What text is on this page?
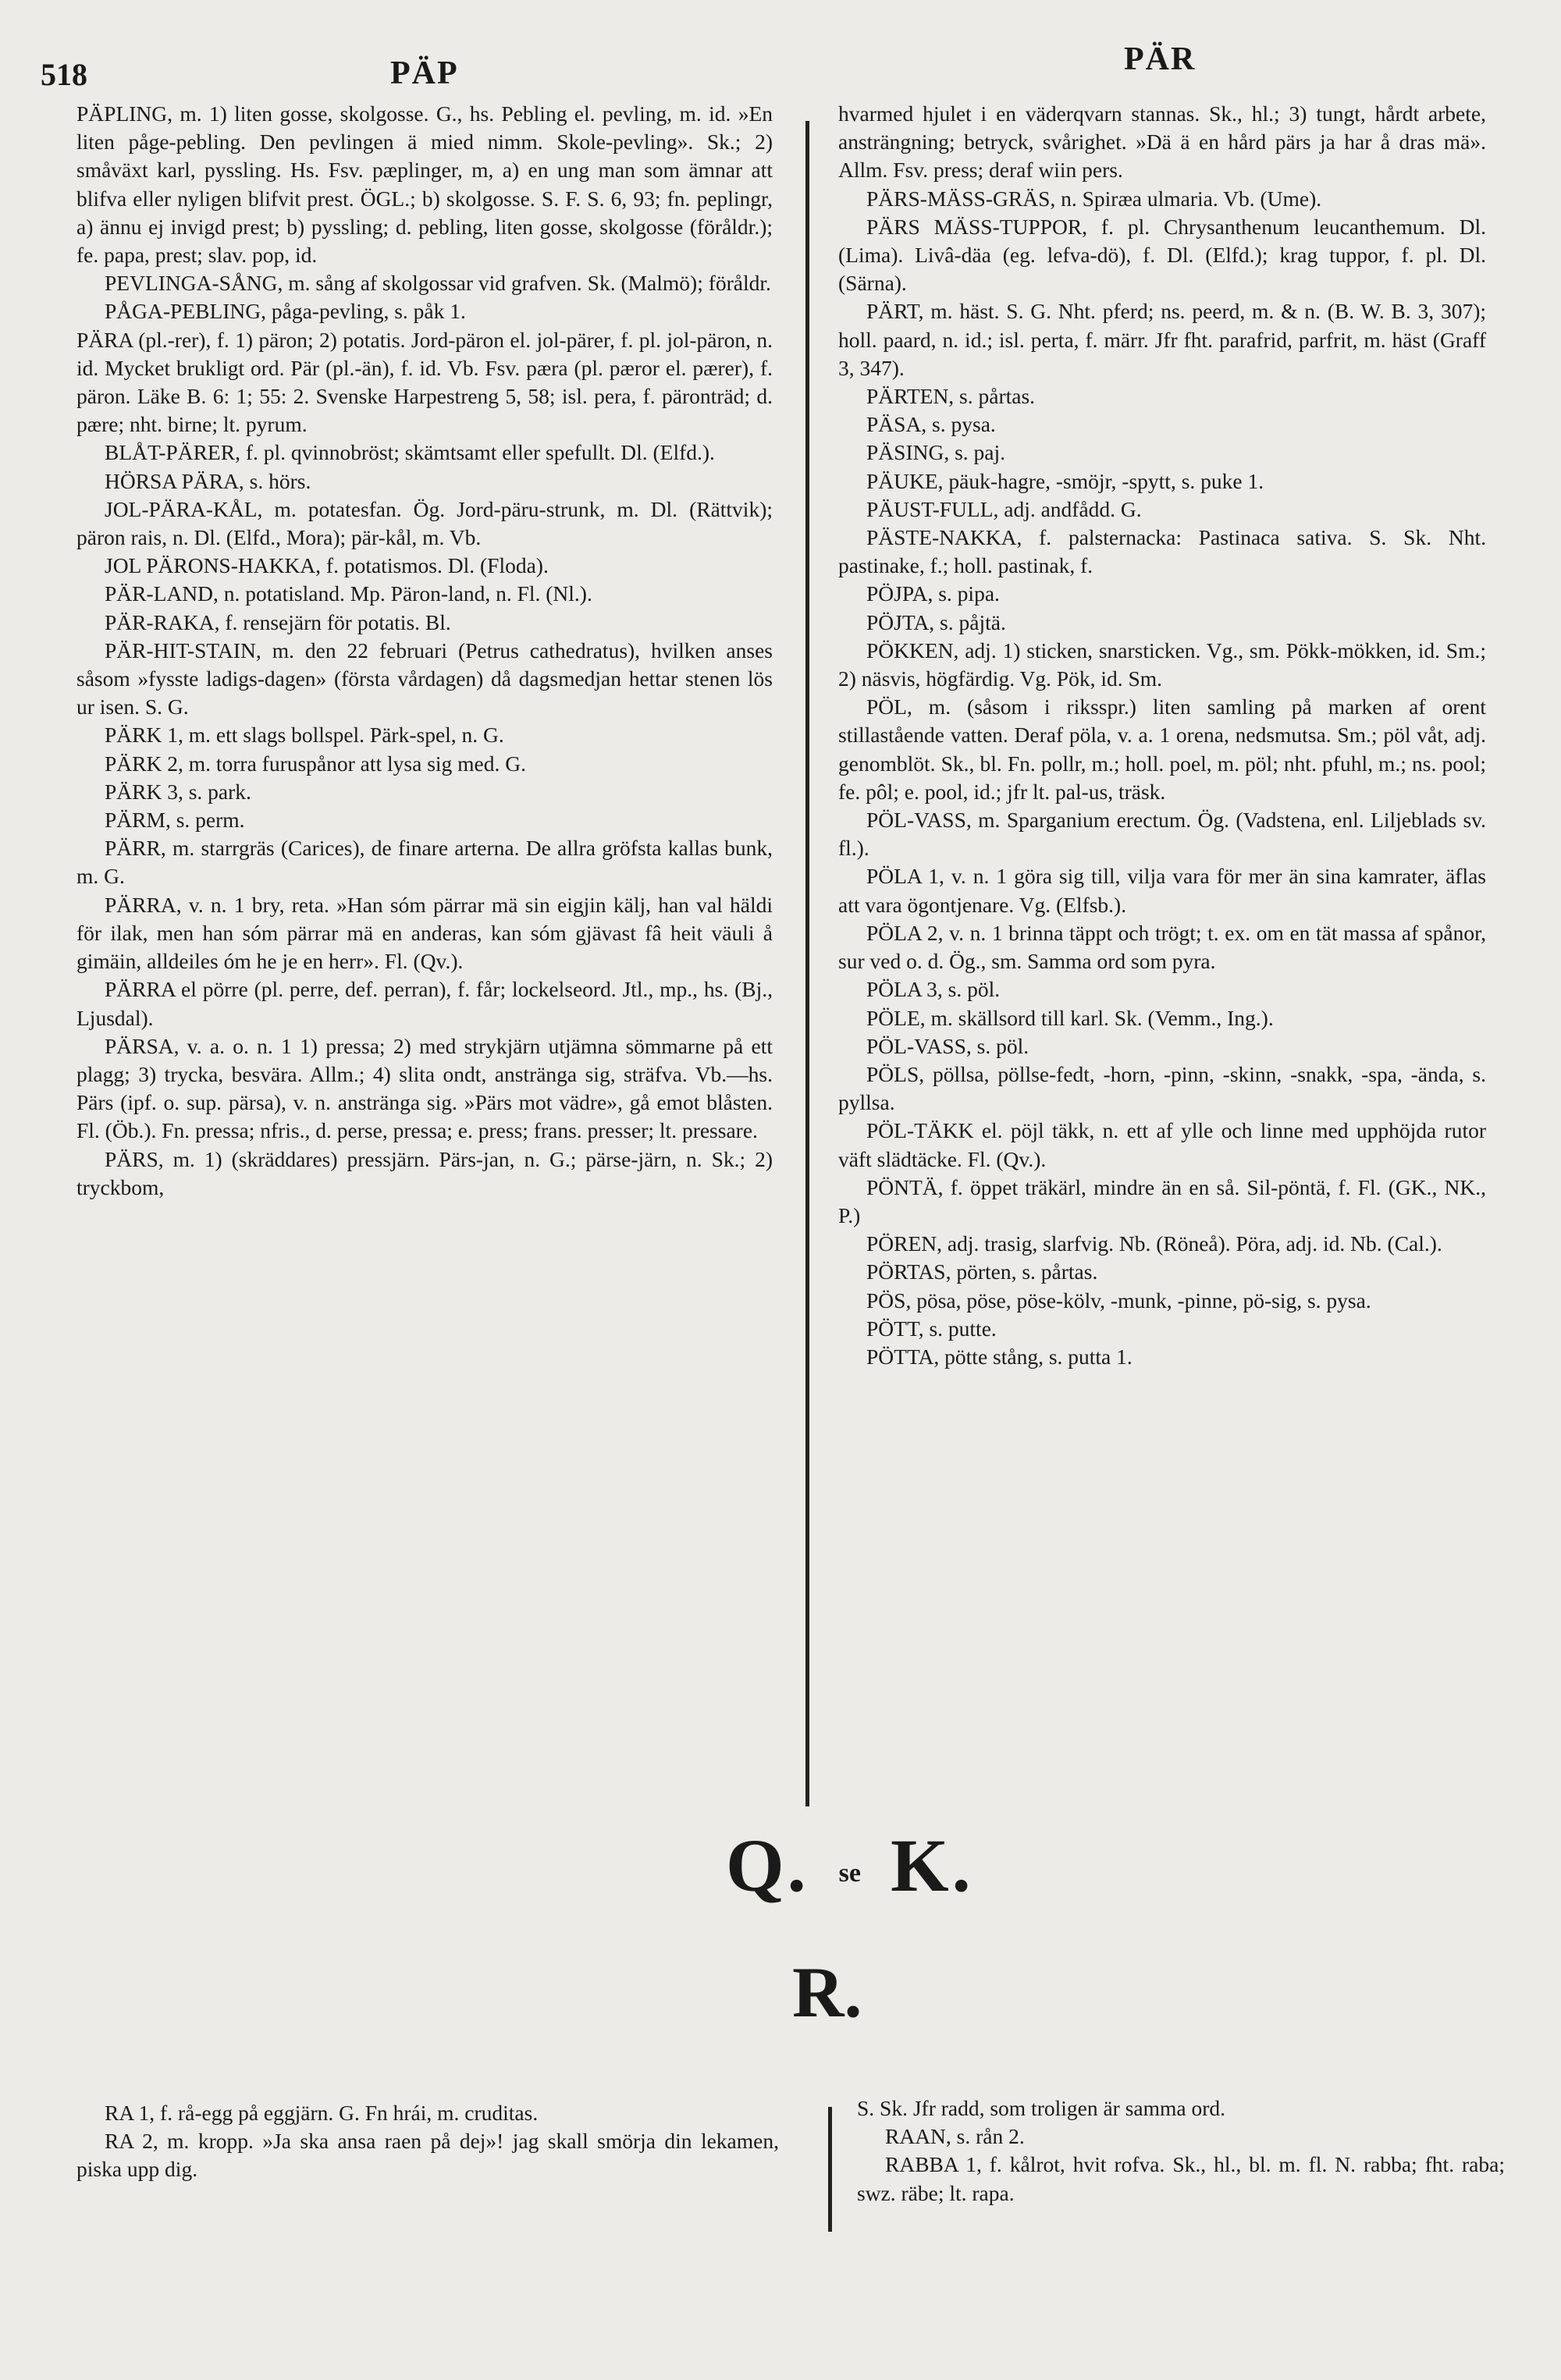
518	PÄP	PÄR

PÄPLING, m. 1) liten gosse, skolgosse. G., hs. Pebling el. pevling, m. id. »En liten påge-pebling. Den pevlingen ä mied nimm. Skole-pevling». Sk.; 2) småväxt karl, pyssling. Hs. Fsv. pæplinger, m, a) en ung man som ämnar att blifva eller nyligen blifvit prest. ÖGL.; b) skolgosse. S. F. S. 6, 93; fn. peplingr, a) ännu ej invigd prest; b) pyssling; d. pebling, liten gosse, skolgosse (föråldr.); fe. papa, prest; slav. pop, id.

PEVLINGA-SÅNG, m. sång af skolgossar vid grafven. Sk. (Malmö); föråldr.

PÅGA-PEBLING, påga-pevling, s. påk 1.

PÄRA (pl.-rer), f. 1) päron; 2) potatis. Jord-päron el. jol-pärer, f. pl. jol-päron, n. id. Mycket brukligt ord. Pär (pl.-än), f. id. Vb. Fsv. pæra (pl. pæror el. pærer), f. päron. Läke B. 6: 1; 55: 2. Svenske Harpestreng 5, 58; isl. pera, f. päronträd; d. pære; nht. birne; lt. pyrum.

BLÅT-PÄRER, f. pl. qvinnobröst; skämtsamt eller spefullt. Dl. (Elfd.).

HÖRSA PÄRA, s. hörs.

JOL-PÄRA-KÅL, m. potatesfan. Ög. Jord-päru-strunk, m. Dl. (Rättvik); päron rais, n. Dl. (Elfd., Mora); pär-kål, m. Vb.

JOL PÄRONS-HAKKA, f. potatismos. Dl. (Floda).

PÄR-LAND, n. potatisland. Mp. Päron-land, n. Fl. (Nl.).

PÄR-RAKA, f. rensejärn för potatis. Bl.

PÄR-HIT-STAIN, m. den 22 februari (Petrus cathedratus), hvilken anses såsom »fysste ladigs-dagen» (första vårdagen) då dagsmedjan hettar stenen lös ur isen. S. G.

PÄRK 1, m. ett slags bollspel. Pärk-spel, n. G.

PÄRK 2, m. torra furuspånor att lysa sig med. G.

PÄRK 3, s. park.

PÄRM, s. perm.

PÄRR, m. starrgräs (Carices), de finare arterna. De allra gröfsta kallas bunk, m. G.

PÄRRA, v. n. 1 bry, reta. »Han sóm pärrar mä sin eigjin kälj, han val häldi för ilak, men han sóm pärrar mä en anderas, kan sóm gjävast fâ heit väuli å gimäin, alldeiles óm he je en herr». Fl. (Qv.).

PÄRRA el pörre (pl. perre, def. perran), f. får; lockelseord. Jtl., mp., hs. (Bj., Ljusdal).

PÄRSA, v. a. o. n. 1 1) pressa; 2) med strykjärn utjämna sömmarne på ett plagg; 3) trycka, besvära. Allm.; 4) slita ondt, anstränga sig, sträfva. Vb.—hs. Pärs (ipf. o. sup. pärsa), v. n. anstränga sig. »Pärs mot vädre», gå emot blåsten. Fl. (Öb.). Fn. pressa; nfris., d. perse, pressa; e. press; frans. presser; lt. pressare.

PÄRS, m. 1) (skräddares) pressjärn. Pärs-jan, n. G.; pärse-järn, n. Sk.; 2) tryckbom,

hvarmed hjulet i en väderqvarn stannas. Sk., hl.; 3) tungt, hårdt arbete, ansträngning; betryck, svårighet. »Dä ä en hård pärs ja har å dras mä». Allm. Fsv. press; deraf wiin pers.

PÄRS-MÄSS-GRÄS, n. Spiræa ulmaria. Vb. (Ume).

PÄRS MÄSS-TUPPOR, f. pl. Chrysanthenum leucanthemum. Dl. (Lima). Livâ-däa (eg. lefva-dö), f. Dl. (Elfd.); krag tuppor, f. pl. Dl. (Särna).

PÄRT, m. häst. S. G. Nht. pferd; ns. peerd, m. & n. (B. W. B. 3, 307); holl. paard, n. id.; isl. perta, f. märr. Jfr fht. parafrid, parfrit, m. häst (Graff 3, 347).

PÄRTEN, s. pårtas.

PÄSA, s. pysa.

PÄSING, s. paj.

PÄUKE, päuk-hagre, -smöjr, -spytt, s. puke 1.

PÄUST-FULL, adj. andfådd. G.

PÄSTE-NAKKA, f. palsternacka: Pastinaca sativa. S. Sk. Nht. pastinake, f.; holl. pastinak, f.

PÖJPA, s. pipa.

PÖJTA, s. påjtä.

PÖKKEN, adj. 1) sticken, snarsticken. Vg., sm. Pökk-mökken, id. Sm.; 2) näsvis, högfärdig. Vg. Pök, id. Sm.

PÖL, m. (såsom i riksspr.) liten samling på marken af orent stillastående vatten. Deraf pöla, v. a. 1 orena, nedsmutsa. Sm.; pöl våt, adj. genomblöt. Sk., bl. Fn. pollr, m.; holl. poel, m. pöl; nht. pfuhl, m.; ns. pool; fe. pôl; e. pool, id.; jfr lt. pal-us, träsk.

PÖL-VASS, m. Sparganium erectum. Ög. (Vadstena, enl. Liljeblads sv. fl.).

PÖLA 1, v. n. 1 göra sig till, vilja vara för mer än sina kamrater, äflas att vara ögontjenare. Vg. (Elfsb.).

PÖLA 2, v. n. 1 brinna täppt och trögt; t. ex. om en tät massa af spånor, sur ved o. d. Ög., sm. Samma ord som pyra.

PÖLA 3, s. pöl.

PÖLE, m. skällsord till karl. Sk. (Vemm., Ing.).

PÖL-VASS, s. pöl.

PÖLS, pöllsa, pöllse-fedt, -horn, -pinn, -skinn, -snakk, -spa, -ända, s. pyllsa.

PÖL-TÄKK el. pöjl täkk, n. ett af ylle och linne med upphöjda rutor väft slädtäcke. Fl. (Qv.).

PÖNTÄ, f. öppet träkärl, mindre än en så. Sil-pöntä, f. Fl. (GK., NK., P.)

PÖREN, adj. trasig, slarfvig. Nb. (Röneå). Pöra, adj. id. Nb. (Cal.).

PÖRTAS, pörten, s. pårtas.

PÖS, pösa, pöse, pöse-kölv, -munk, -pinne, pö-sig, s. pysa.

PÖTT, s. putte.

PÖTTA, pötte stång, s. putta 1.

Q. se K.
R.

RA 1, f. rå-egg på eggjärn. G. Fn hrái, m. cruditas.

RA 2, m. kropp. »Ja ska ansa raen på dej»! jag skall smörja din lekamen, piska upp dig.

S. Sk. Jfr radd, som troligen är samma ord.

RAAN, s. rån 2.

RABBA 1, f. kålrot, hvit rofva. Sk., hl., bl. m. fl. N. rabba; fht. raba; swz. räbe; lt. rapa.
